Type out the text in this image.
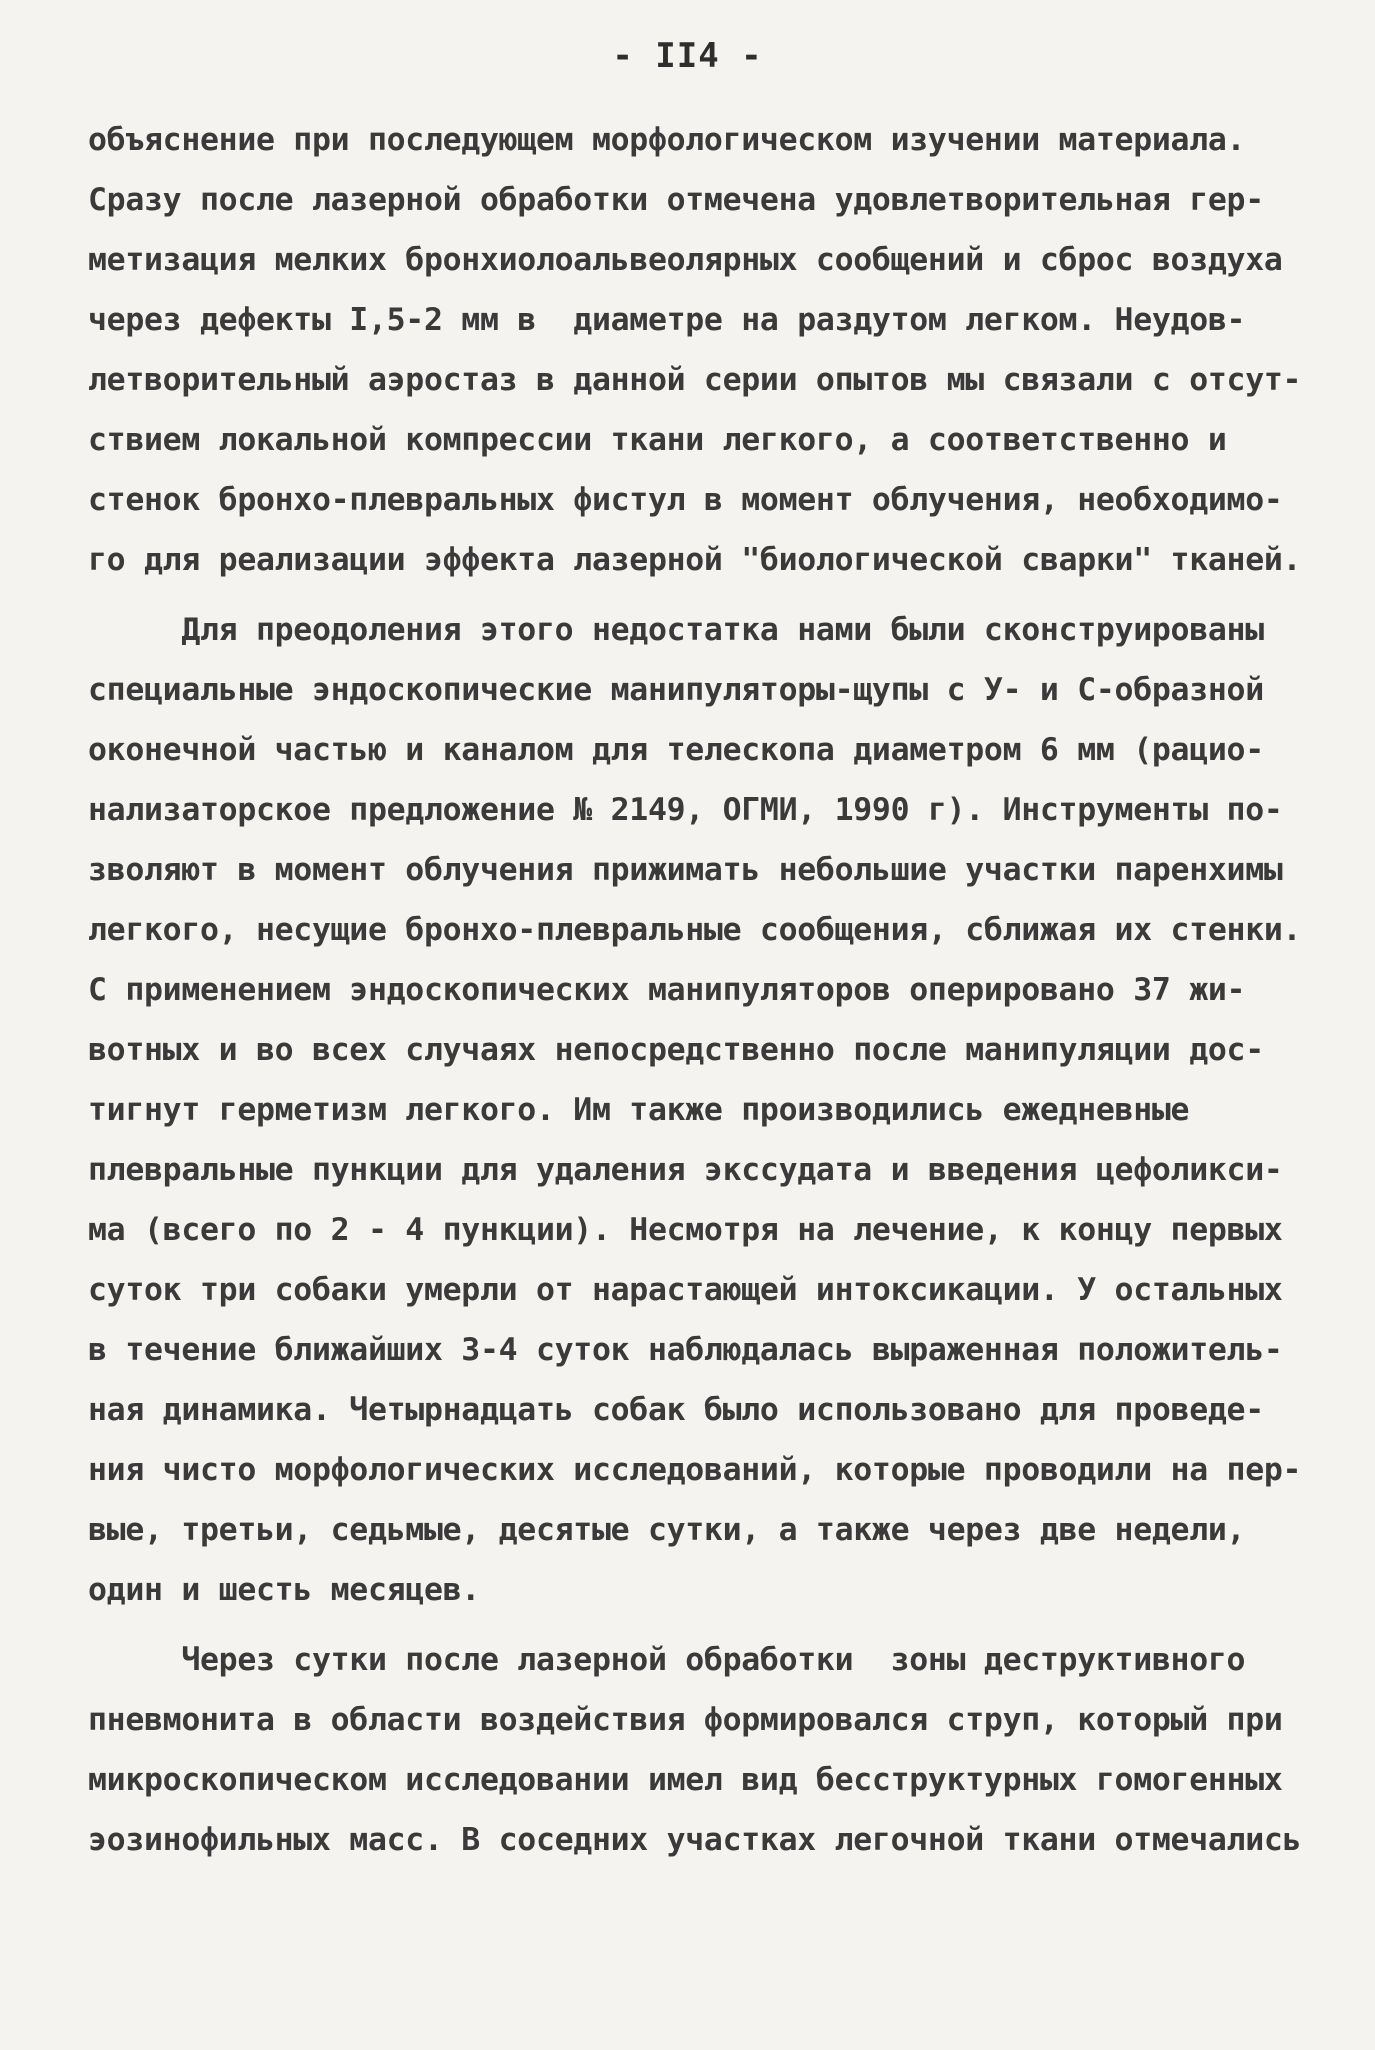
- II4 -
объяснение при последующем морфологическом изучении материала.
Сразу после лазерной обработки отмечена удовлетворительная гер-
метизация мелких бронхиолоальвеолярных сообщений и сброс воздуха
через дефекты I,5-2 мм в  диаметре на раздутом легком. Неудов-
летворительный аэростаз в данной серии опытов мы связали с отсут-
ствием локальной компрессии ткани легкого, а соответственно и
стенок бронхо-плевральных фистул в момент облучения, необходимо-
го для реализации эффекта лазерной "биологической сварки" тканей.
Для преодоления этого недостатка нами были сконструированы
специальные эндоскопические манипуляторы-щупы с У- и С-образной
оконечной частью и каналом для телескопа диаметром 6 мм (рацио-
нализаторское предложение № 2149, ОГМИ, 1990 г). Инструменты по-
зволяют в момент облучения прижимать небольшие участки паренхимы
легкого, несущие бронхо-плевральные сообщения, сближая их стенки.
С применением эндоскопических манипуляторов оперировано 37 жи-
вотных и во всех случаях непосредственно после манипуляции дос-
тигнут герметизм легкого. Им также производились ежедневные
плевральные пункции для удаления экссудата и введения цефоликси-
ма (всего по 2 - 4 пункции). Несмотря на лечение, к концу первых
суток три собаки умерли от нарастающей интоксикации. У остальных
в течение ближайших 3-4 суток наблюдалась выраженная положитель-
ная динамика. Четырнадцать собак было использовано для проведе-
ния чисто морфологических исследований, которые проводили на пер-
вые, третьи, седьмые, десятые сутки, а также через две недели,
один и шесть месяцев.
Через сутки после лазерной обработки  зоны деструктивного
пневмонита в области воздействия формировался струп, который при
микроскопическом исследовании имел вид бесструктурных гомогенных
эозинофильных масс. В соседних участках легочной ткани отмечались
